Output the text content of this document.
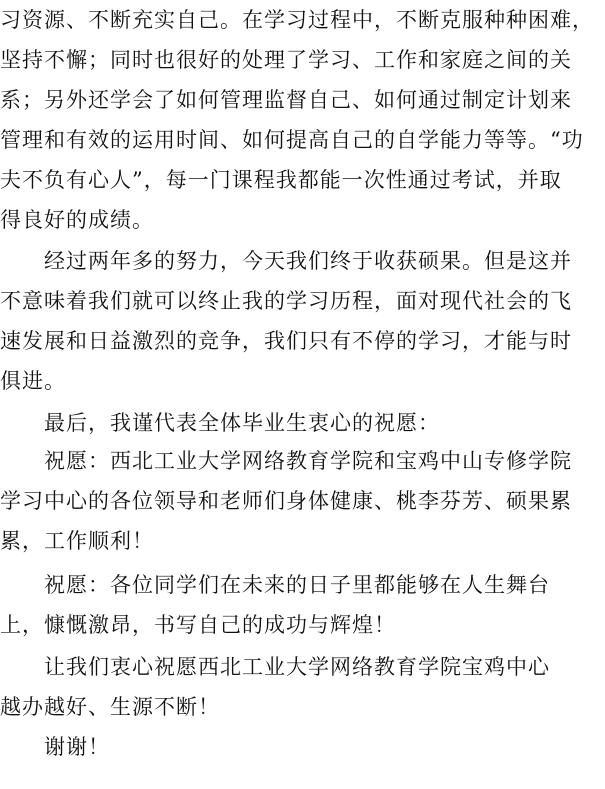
习资源、不断充实自己。在学习过程中，不断克服种种困难，
坚持不懈；同时也很好的处理了学习、工作和家庭之间的关
系；另外还学会了如何管理监督自己、如何通过制定计划来
管理和有效的运用时间、如何提高自己的自学能力等等。“功
夫不负有心人”，每一门课程我都能一次性通过考试，并取
得良好的成绩。
　　经过两年多的努力，今天我们终于收获硕果。但是这并
不意味着我们就可以终止我的学习历程，面对现代社会的飞
速发展和日益激烈的竞争，我们只有不停的学习，才能与时
俱进。
　　最后，我谨代表全体毕业生衷心的祝愿：
　　祝愿：西北工业大学网络教育学院和宝鸡中山专修学院
学习中心的各位领导和老师们身体健康、桃李芬芳、硕果累
累，工作顺利！
　　祝愿：各位同学们在未来的日子里都能够在人生舞台
上，慷慨激昂，书写自己的成功与辉煌！
　　让我们衷心祝愿西北工业大学网络教育学院宝鸡中心
越办越好、生源不断！
　　谢谢！
